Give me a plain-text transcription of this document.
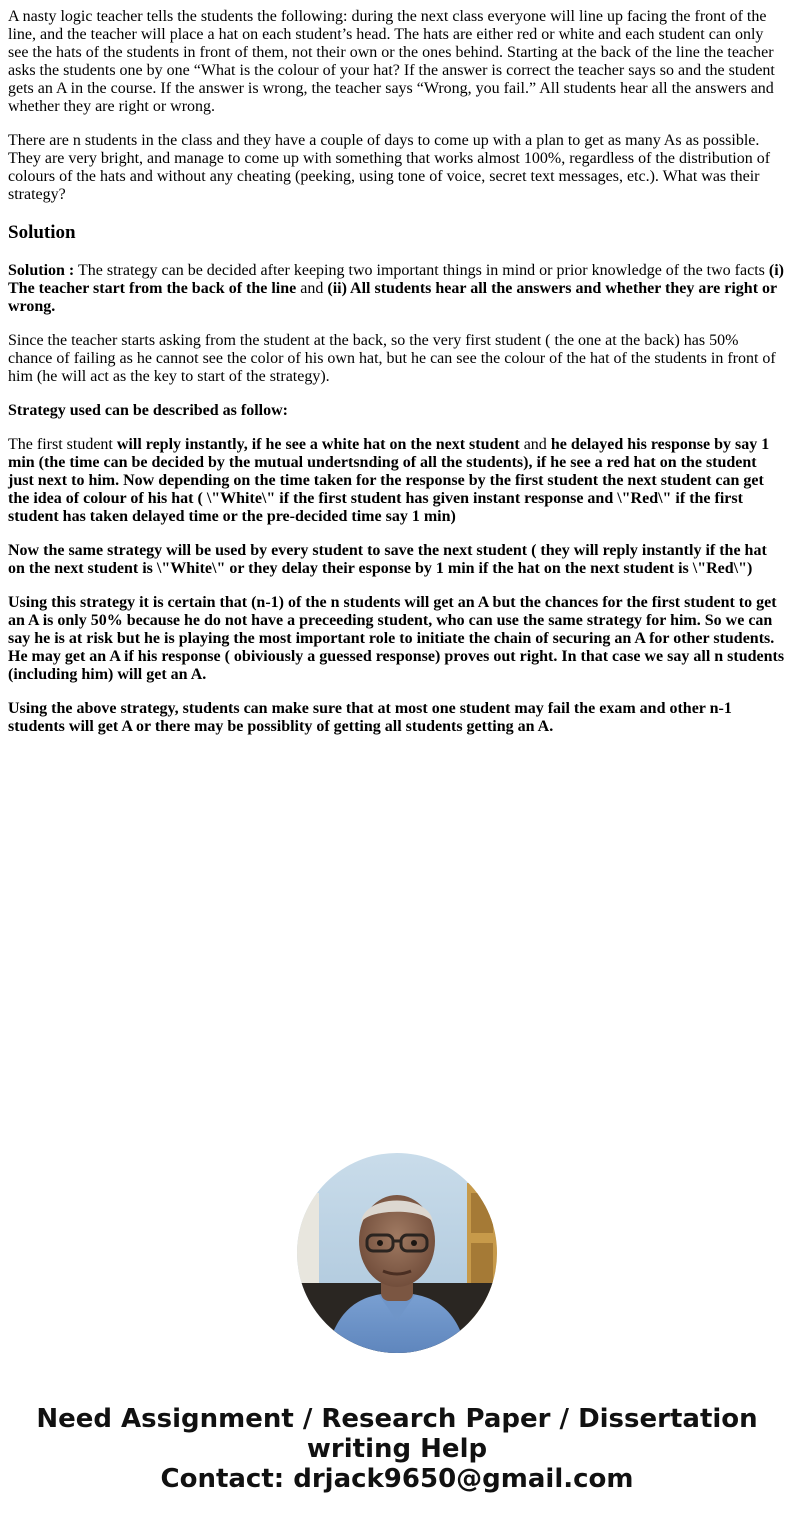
A nasty logic teacher tells the students the following: during the next class everyone will line up facing the front of the line, and the teacher will place a hat on each student’s head. The hats are either red or white and each student can only see the hats of the students in front of them, not their own or the ones behind. Starting at the back of the line the teacher asks the students one by one “What is the colour of your hat? If the answer is correct the teacher says so and the student gets an A in the course. If the answer is wrong, the teacher says “Wrong, you fail.” All students hear all the answers and whether they are right or wrong.

There are n students in the class and they have a couple of days to come up with a plan to get as many As as possible. They are very bright, and manage to come up with something that works almost 100%, regardless of the distribution of colours of the hats and without any cheating (peeking, using tone of voice, secret text messages, etc.). What was their strategy?

Solution

Solution : The strategy can be decided after keeping two important things in mind or prior knowledge of the two facts (i) The teacher start from the back of the line and (ii) All students hear all the answers and whether they are right or wrong.

Since the teacher starts asking from the student at the back, so the very first student ( the one at the back) has 50% chance of failing as he cannot see the color of his own hat, but he can see the colour of the hat of the students in front of him (he will act as the key to start of the strategy).

Strategy used can be described as follow:

The first student will reply instantly, if he see a white hat on the next student and he delayed his response by say 1 min (the time can be decided by the mutual undertsnding of all the students), if he see a red hat on the student just next to him. Now depending on the time taken for the response by the first student the next student can get the idea of colour of his hat ( \"White\" if the first student has given instant response and \"Red\" if the first student has taken delayed time or the pre-decided time say 1 min)

Now the same strategy will be used by every student to save the next student ( they will reply instantly if the hat on the next student is \"White\" or they delay their esponse by 1 min if the hat on the next student is \"Red\")

Using this strategy it is certain that (n-1) of the n students will get an A but the chances for the first student to get an A is only 50% because he do not have a preceeding student, who can use the same strategy for him. So we can say he is at risk but he is playing the most important role to initiate the chain of securing an A for other students. He may get an A if his response ( obiviously a guessed response) proves out right. In that case we say all n students (including him) will get an A.

Using the above strategy, students can make sure that at most one student may fail the exam and other n-1 students will get A or there may be possiblity of getting all students getting an A.

Need Assignment / Research Paper / Dissertation
writing Help
Contact: drjack9650@gmail.com
